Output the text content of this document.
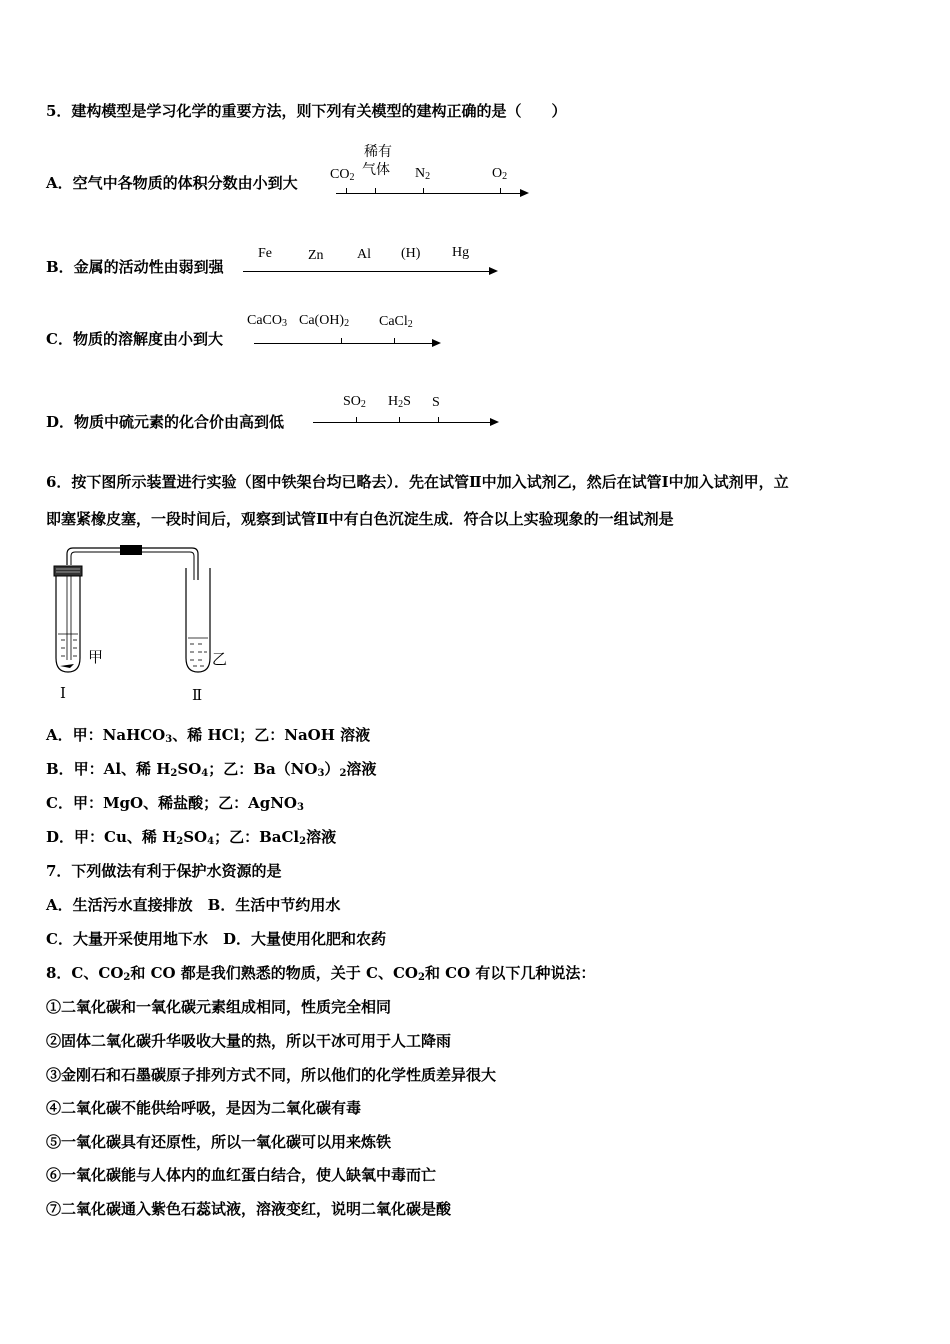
5．建构模型是学习化学的重要方法，则下列有关模型的建构正确的是（　　）
A．空气中各物质的体积分数由小到大 $CO_2$
稀有
气体 $N_2$	$O_2$
B．金属的活动性由弱到强
Fe	Zn Al (H) Hg
C．物质的溶解度由小到大
CaCO$_3$ $Ca(OH)_2$ CaCl$_2$
D．物质中硫元素的化合价由高到低
$SO_2$ $H_2S$ S
6．按下图所示装置进行实验（图中铁架台均已略去）．先在试管Ⅱ中加入试剂乙，然后在试管Ⅰ中加入试剂甲，立
即塞紧橡皮塞，一段时间后，观察到试管Ⅱ中有白色沉淀生成．符合以上实验现象的一组试剂是
甲	乙
Ⅰ	Ⅱ
A．甲：NaHCO$_3$、稀 HCl；乙：NaOH 溶液
B．甲：Al、稀 $H_2SO_4$；乙：$Ba(NO_3)_2$溶液
C．甲：MgO、稀盐酸；乙：AgNO$_3$
D．甲：Cu、稀 $H_2SO_4$；乙：BaCl$_2$溶液
7．下列做法有利于保护水资源的是
A．生活污水直接排放　B．生活中节约用水
C．大量开采使用地下水　D．大量使用化肥和农药
8．C、$CO_2$和 CO 都是我们熟悉的物质，关于 C、$CO_2$和 CO 有以下几种说法：
①二氧化碳和一氧化碳元素组成相同，性质完全相同
②固体二氧化碳升华吸收大量的热，所以干冰可用于人工降雨
③金刚石和石墨碳原子排列方式不同，所以他们的化学性质差异很大
④二氧化碳不能供给呼吸，是因为二氧化碳有毒
⑤一氧化碳具有还原性，所以一氧化碳可以用来炼铁
⑥一氧化碳能与人体内的血红蛋白结合，使人缺氧中毒而亡
⑦二氧化碳通入紫色石蕊试液，溶液变红，说明二氧化碳是酸
